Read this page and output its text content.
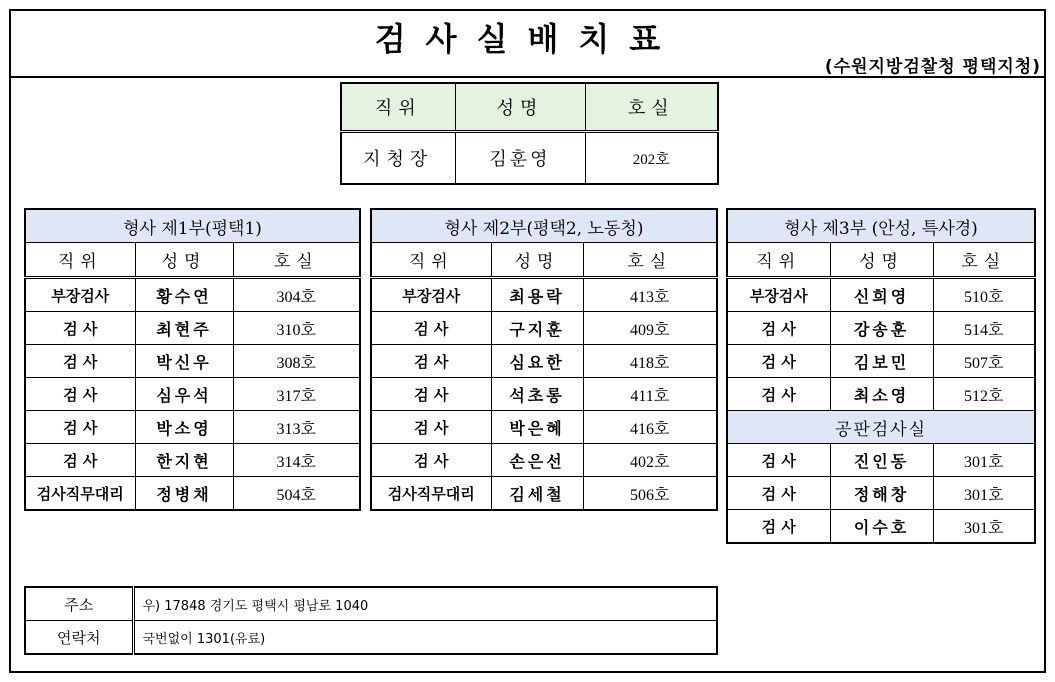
검사실배치표
(수원지방검찰청 평택지청)
직위	성명	호실
지청장	김훈영	202호
형사 제1부(평택1)		
직위	성명	호실
부장검사	황수연	304호
검 사	최현주	310호
검 사	박신우	308호
검 사	심우석	317호
검 사	박소영	313호
검 사	한지현	314호
검사직무대리	정병채	504호
형사 제2부(평택2, 노동청)		
직위	성명	호실
부장검사	최용락	413호
검 사	구지훈	409호
검 사	심요한	418호
검 사	석초롱	411호
검 사	박은혜	416호
검 사	손은선	402호
검사직무대리	김세철	506호
형사 제3부 (안성, 특사경)		
직위	성명	호실
부장검사	신희영	510호
검 사	강송훈	514호
검 사	김보민	507호
검 사	최소영	512호
공판검사실		
검 사	진인동	301호
검 사	정해창	301호
검 사	이수호	301호
주소	우) 17848 경기도 평택시 평남로 1040
연락처	국번없이 1301(유료)
